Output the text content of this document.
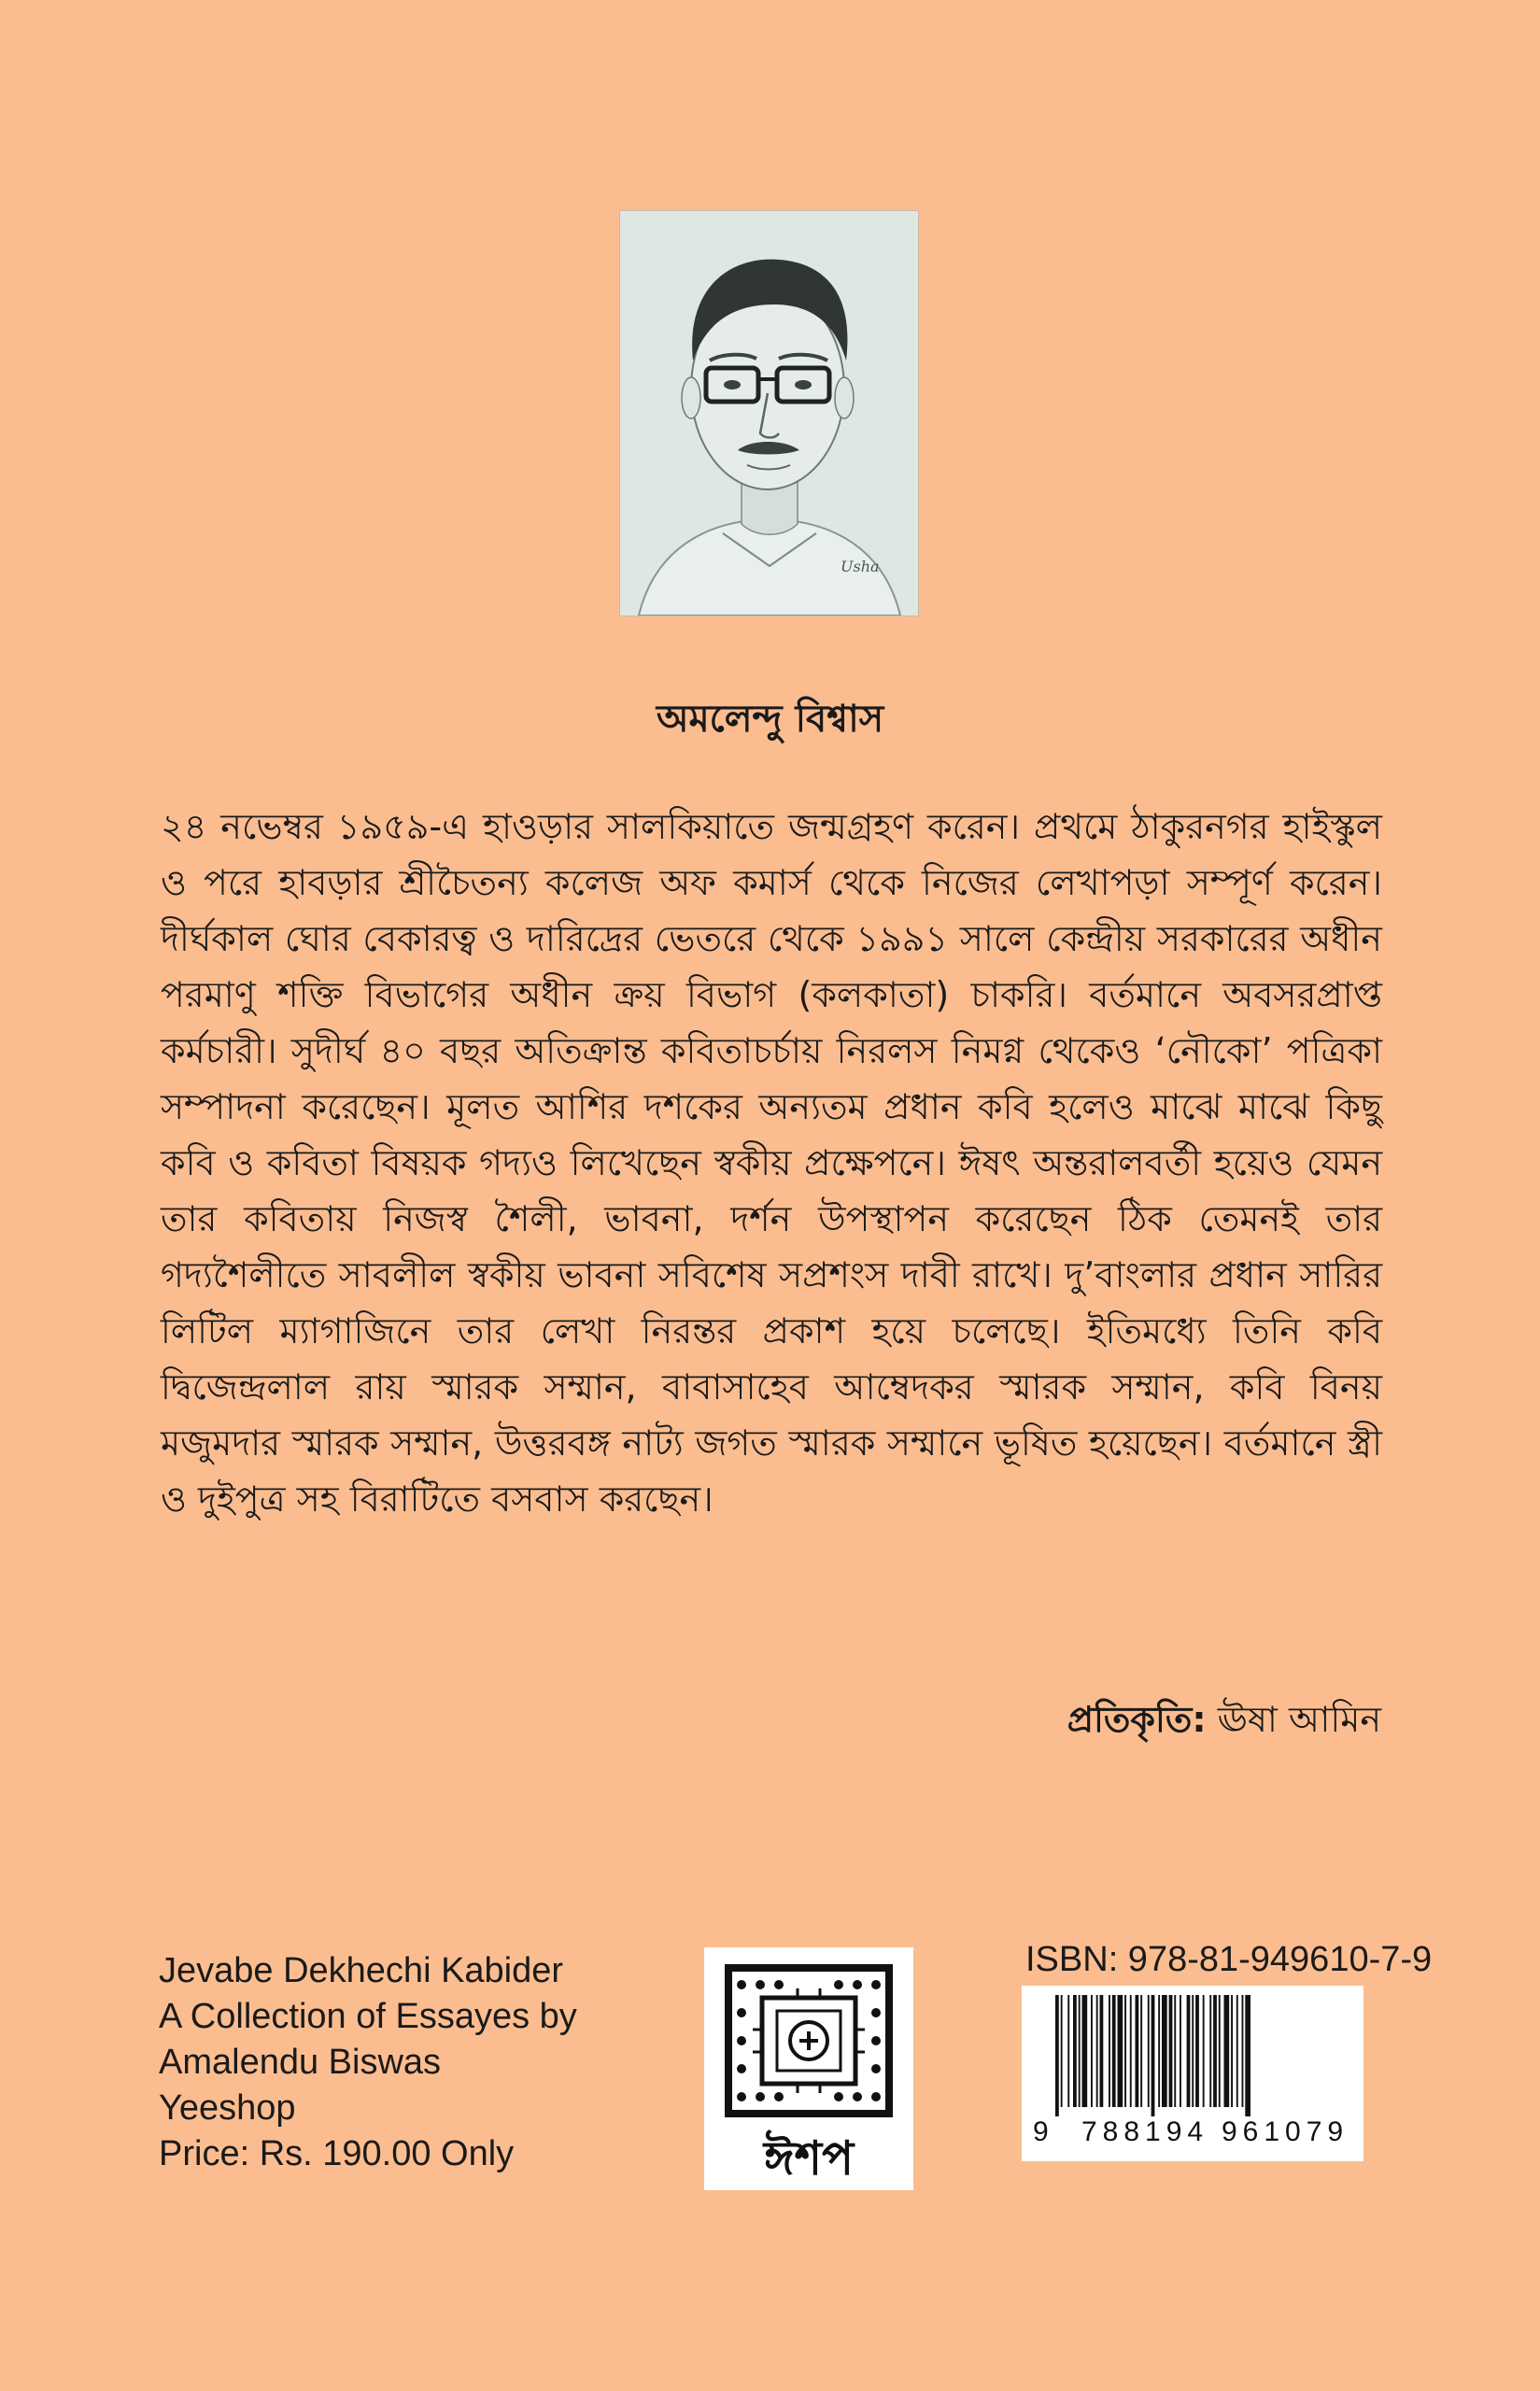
Usha
অমলেন্দু বিশ্বাস

২৪ নভেম্বর ১৯৫৯-এ হাওড়ার সালকিয়াতে জন্মগ্রহণ করেন। প্রথমে ঠাকুরনগর হাইস্কুল ও পরে হাবড়ার শ্রীচৈতন্য কলেজ অফ কমার্স থেকে নিজের লেখাপড়া সম্পূর্ণ করেন। দীর্ঘকাল ঘোর বেকারত্ব ও দারিদ্রের ভেতরে থেকে ১৯৯১ সালে কেন্দ্রীয় সরকারের অধীন পরমাণু শক্তি বিভাগের অধীন ক্রয় বিভাগ (কলকাতা) চাকরি। বর্তমানে অবসরপ্রাপ্ত কর্মচারী। সুদীর্ঘ ৪০ বছর অতিক্রান্ত কবিতাচর্চায় নিরলস নিমগ্ন থেকেও ‘নৌকো’ পত্রিকা সম্পাদনা করেছেন। মূলত আশির দশকের অন্যতম প্রধান কবি হলেও মাঝে মাঝে কিছু কবি ও কবিতা বিষয়ক গদ্যও লিখেছেন স্বকীয় প্রক্ষেপনে। ঈষৎ অন্তরালবর্তী হয়েও যেমন তার কবিতায় নিজস্ব শৈলী, ভাবনা, দর্শন উপস্থাপন করেছেন ঠিক তেমনই তার গদ্যশৈলীতে সাবলীল স্বকীয় ভাবনা সবিশেষ সপ্রশংস দাবী রাখে। দু’বাংলার প্রধান সারির লিটিল ম্যাগাজিনে তার লেখা নিরন্তর প্রকাশ হয়ে চলেছে। ইতিমধ্যে তিনি কবি দ্বিজেন্দ্রলাল রায় স্মারক সম্মান, বাবাসাহেব আম্বেদকর স্মারক সম্মান, কবি বিনয় মজুমদার স্মারক সম্মান, উত্তরবঙ্গ নাট্য জগত স্মারক সম্মানে ভূষিত হয়েছেন। বর্তমানে স্ত্রী ও দুইপুত্র সহ বিরাটিতে বসবাস করছেন।

প্রতিকৃতি: ঊষা আমিন
Jevabe Dekhechi Kabider
A Collection of Essayes by
Amalendu Biswas
Yeeshop
Price: Rs. 190.00 Only	ঈশপ
ISBN: 978-81-949610-7-9
9 788194 961079
